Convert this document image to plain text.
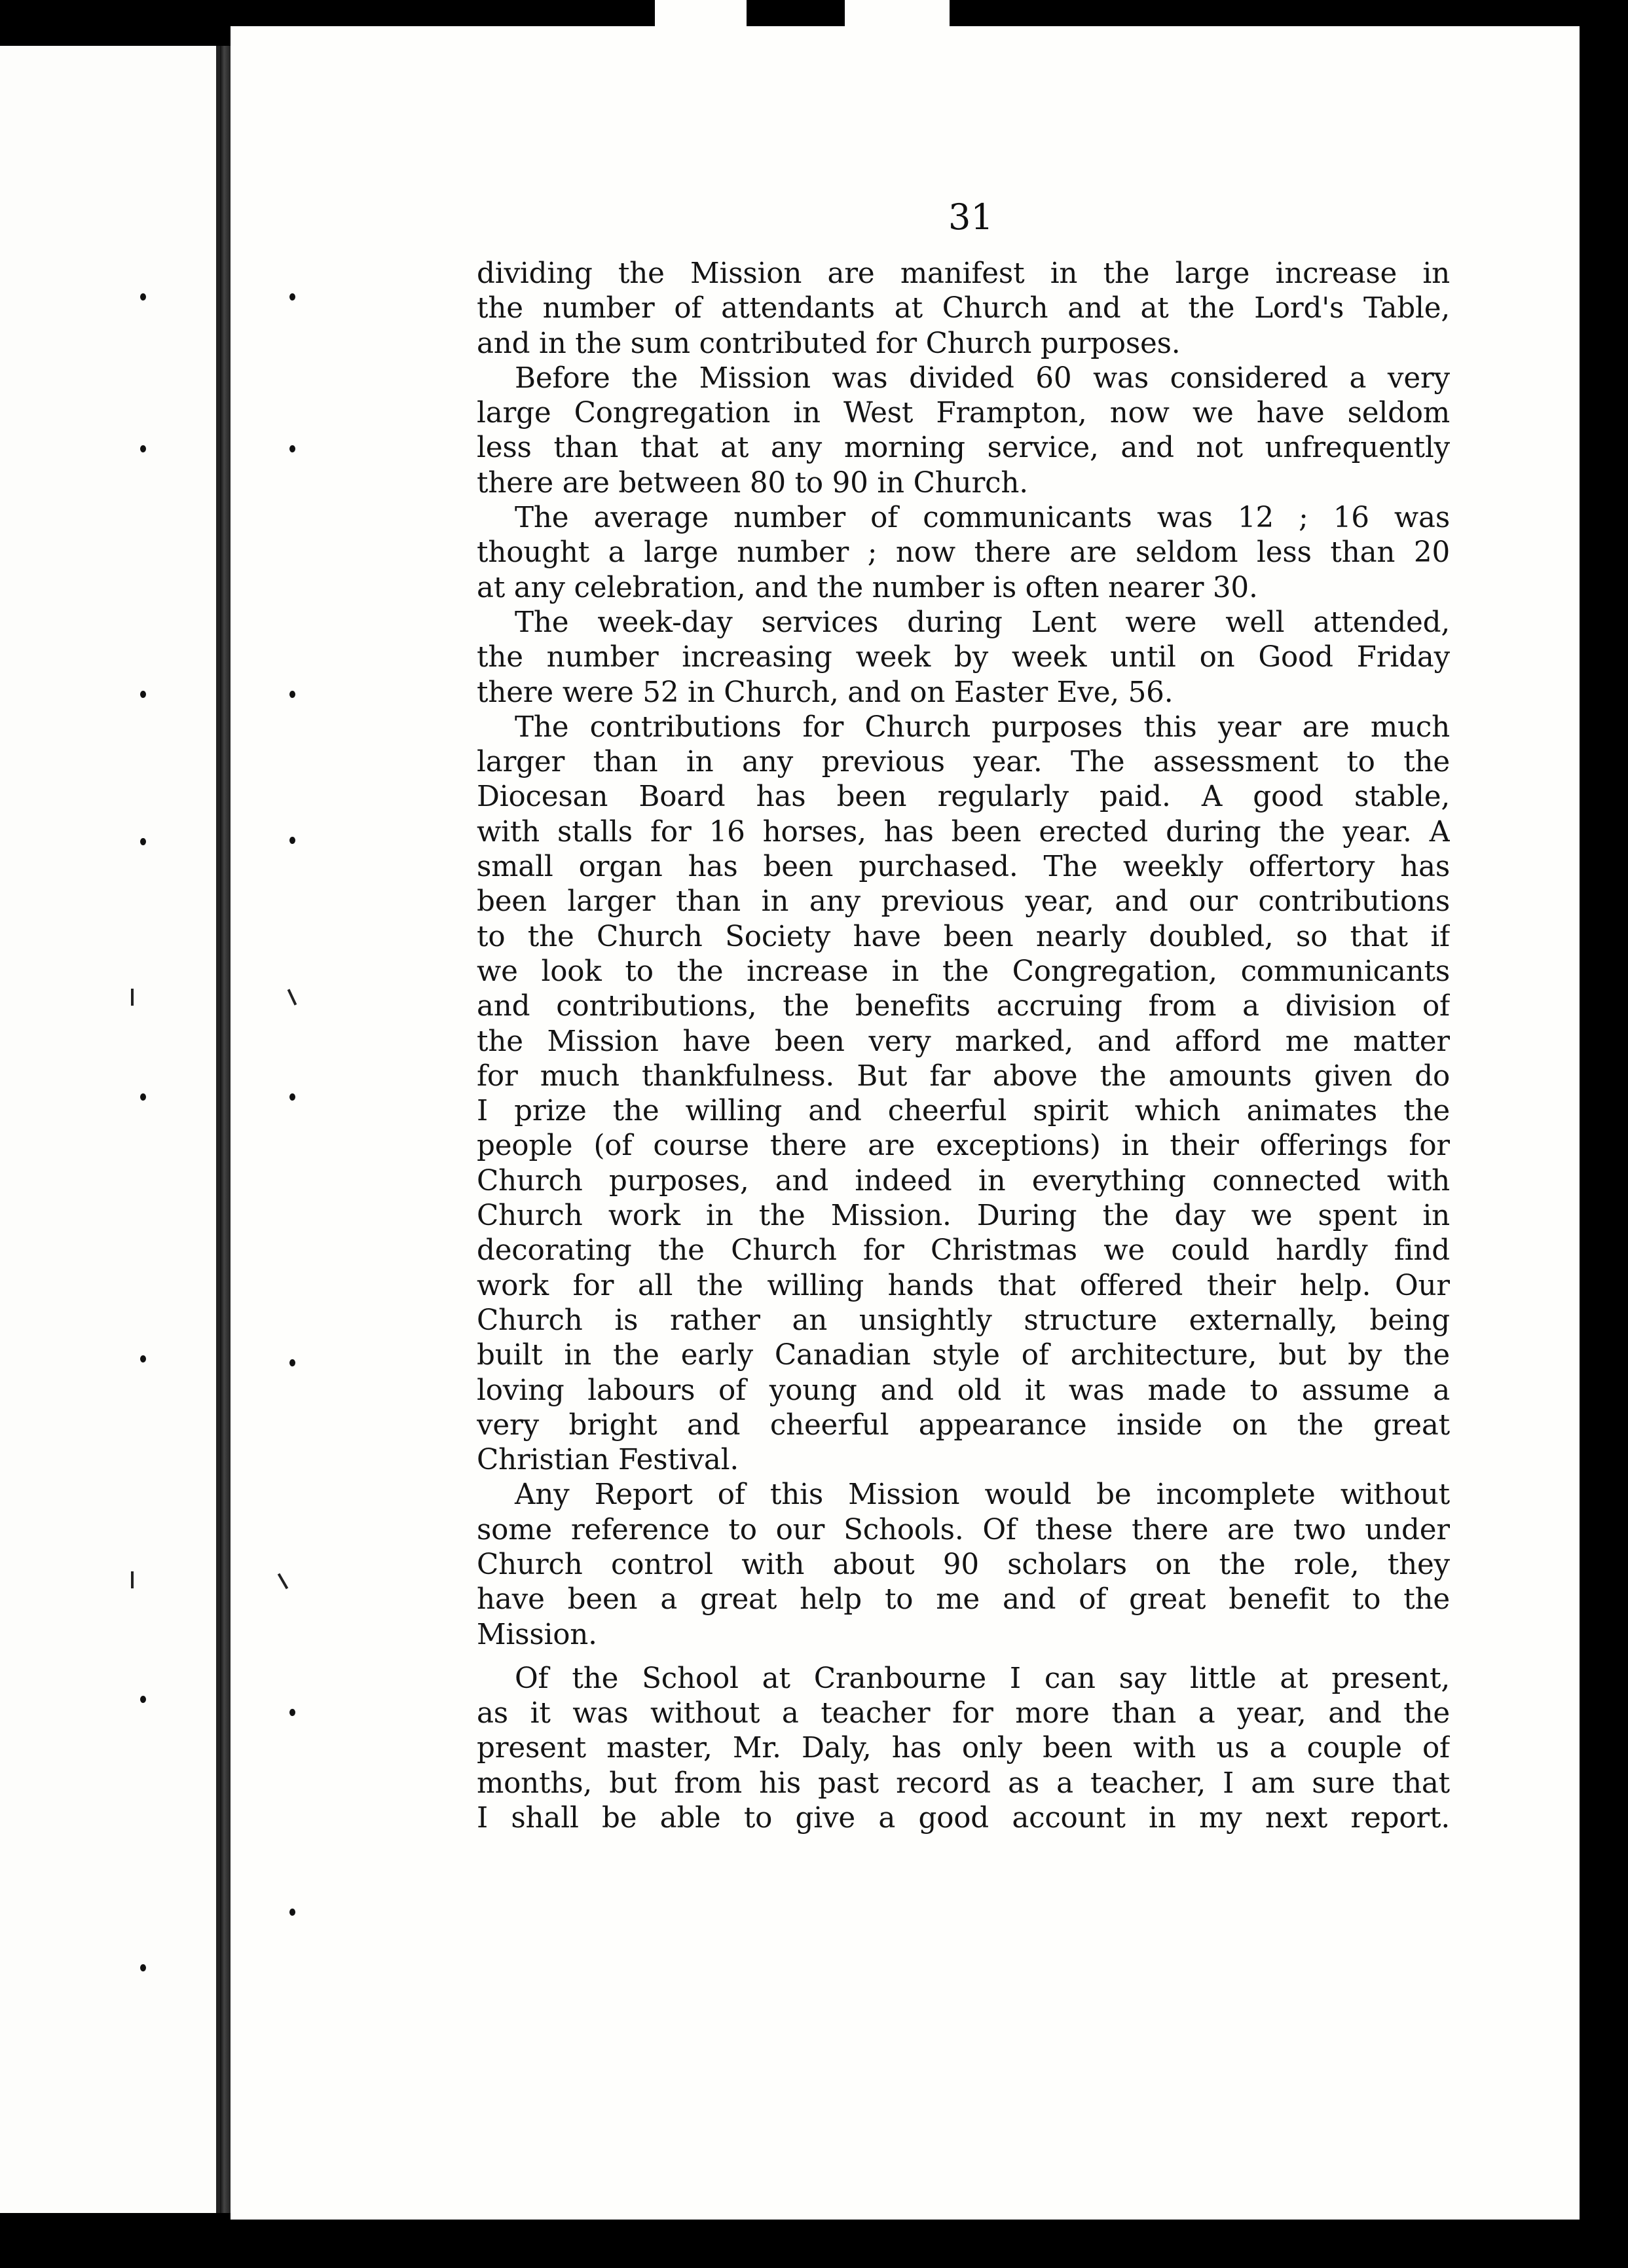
31

dividing the Mission are manifest in the large increase in
the number of attendants at Church and at the Lord's Table,
and in the sum contributed for Church purposes.

Before the Mission was divided 60 was considered a very
large Congregation in West Frampton, now we have seldom
less than that at any morning service, and not unfrequently
there are between 80 to 90 in Church.

The average number of communicants was 12 ; 16 was
thought a large number ; now there are seldom less than 20
at any celebration, and the number is often nearer 30.

The week-day services during Lent were well attended,
the number increasing week by week until on Good Friday
there were 52 in Church, and on Easter Eve, 56.

The contributions for Church purposes this year are much
larger than in any previous year. The assessment to the
Diocesan Board has been regularly paid. A good stable,
with stalls for 16 horses, has been erected during the year. A
small organ has been purchased. The weekly offertory has
been larger than in any previous year, and our contributions
to the Church Society have been nearly doubled, so that if
we look to the increase in the Congregation, communicants
and contributions, the benefits accruing from a division of
the Mission have been very marked, and afford me matter
for much thankfulness. But far above the amounts given do
I prize the willing and cheerful spirit which animates the
people (of course there are exceptions) in their offerings for
Church purposes, and indeed in everything connected with
Church work in the Mission. During the day we spent in
decorating the Church for Christmas we could hardly find
work for all the willing hands that offered their help. Our
Church is rather an unsightly structure externally, being
built in the early Canadian style of architecture, but by the
loving labours of young and old it was made to assume a
very bright and cheerful appearance inside on the great
Christian Festival.

Any Report of this Mission would be incomplete without
some reference to our Schools. Of these there are two under
Church control with about 90 scholars on the role, they
have been a great help to me and of great benefit to the
Mission.

Of the School at Cranbourne I can say little at present,
as it was without a teacher for more than a year, and the
present master, Mr. Daly, has only been with us a couple of
months, but from his past record as a teacher, I am sure that
I shall be able to give a good account in my next report.
